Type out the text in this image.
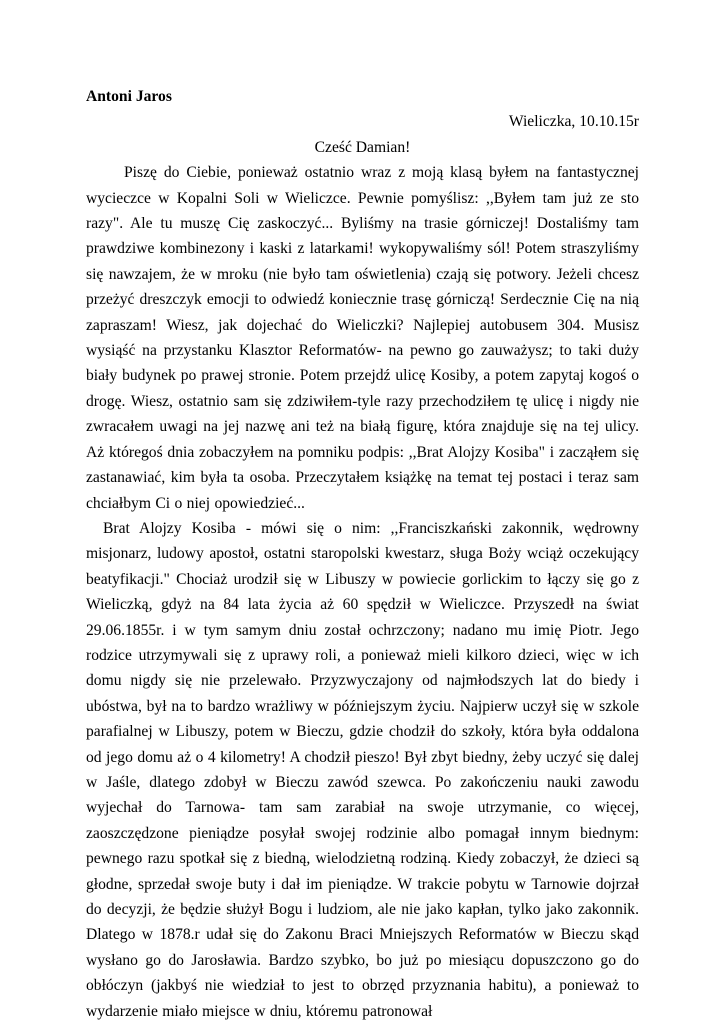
Antoni Jaros

Wieliczka, 10.10.15r

Cześć Damian!

Piszę do Ciebie, ponieważ ostatnio wraz z moją klasą byłem na fantastycznej wycieczce w Kopalni Soli w Wieliczce. Pewnie pomyślisz: ,,Byłem tam już ze sto razy". Ale tu muszę Cię zaskoczyć... Byliśmy na trasie górniczej! Dostaliśmy tam prawdziwe kombinezony i kaski z latarkami! wykopywaliśmy sól! Potem straszyliśmy się nawzajem, że w mroku (nie było tam oświetlenia) czają się potwory. Jeżeli chcesz przeżyć dreszczyk emocji to odwiedź koniecznie trasę górniczą! Serdecznie Cię na nią zapraszam! Wiesz, jak dojechać do Wieliczki? Najlepiej autobusem 304. Musisz wysiąść na przystanku Klasztor Reformatów- na pewno go zauważysz; to taki duży biały budynek po prawej stronie. Potem przejdź ulicę Kosiby, a potem zapytaj kogoś o drogę. Wiesz, ostatnio sam się zdziwiłem-tyle razy przechodziłem tę ulicę i nigdy nie zwracałem uwagi na jej nazwę ani też na białą figurę, która znajduje się na tej ulicy. Aż któregoś dnia zobaczyłem na pomniku podpis: ,,Brat Alojzy Kosiba" i zacząłem się zastanawiać, kim była ta osoba. Przeczytałem książkę na temat tej postaci i teraz sam chciałbym Ci o niej opowiedzieć...

Brat Alojzy Kosiba - mówi się o nim: ,,Franciszkański zakonnik, wędrowny misjonarz, ludowy apostoł, ostatni staropolski kwestarz, sługa Boży wciąż oczekujący beatyfikacji." Chociaż urodził się w Libuszy w powiecie gorlickim to łączy się go z Wieliczką, gdyż na 84 lata życia aż 60 spędził w Wieliczce. Przyszedł na świat 29.06.1855r. i w tym samym dniu został ochrzczony; nadano mu imię Piotr. Jego rodzice utrzymywali się z uprawy roli, a ponieważ mieli kilkoro dzieci, więc w ich domu nigdy się nie przelewało. Przyzwyczajony od najmłodszych lat do biedy i ubóstwa, był na to bardzo wrażliwy w późniejszym życiu. Najpierw uczył się w szkole parafialnej w Libuszy, potem w Bieczu, gdzie chodził do szkoły, która była oddalona od jego domu aż o 4 kilometry! A chodził pieszo! Był zbyt biedny, żeby uczyć się dalej w Jaśle, dlatego zdobył w Bieczu zawód szewca. Po zakończeniu nauki zawodu wyjechał do Tarnowa- tam sam zarabiał na swoje utrzymanie, co więcej, zaoszczędzone pieniądze posyłał swojej rodzinie albo pomagał innym biednym: pewnego razu spotkał się z biedną, wielodzietną rodziną. Kiedy zobaczył, że dzieci są głodne, sprzedał swoje buty i dał im pieniądze. W trakcie pobytu w Tarnowie dojrzał do decyzji, że będzie służył Bogu i ludziom, ale nie jako kapłan, tylko jako zakonnik. Dlatego w 1878.r udał się do Zakonu Braci Mniejszych Reformatów w Bieczu skąd wysłano go do Jarosławia. Bardzo szybko, bo już po miesiącu dopuszczono go do obłóczyn (jakbyś nie wiedział to jest to obrzęd przyznania habitu), a ponieważ to wydarzenie miało miejsce w dniu, któremu patronował
